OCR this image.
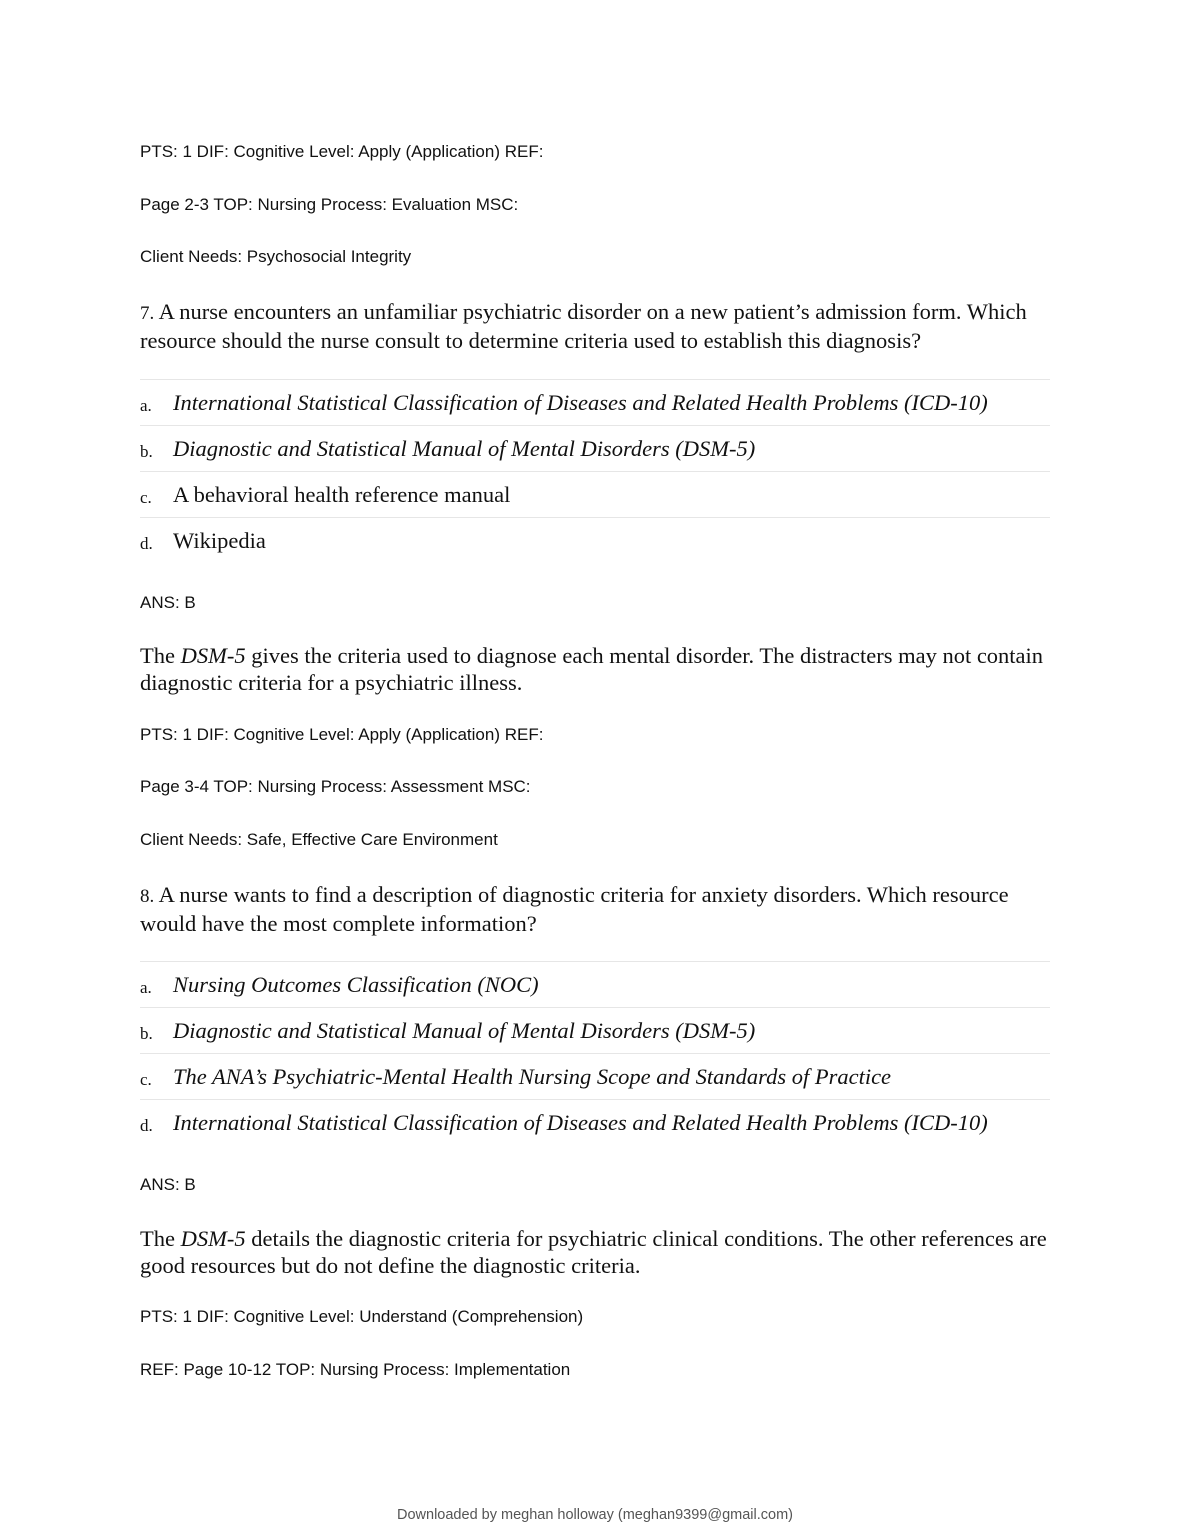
PTS: 1 DIF: Cognitive Level: Apply (Application) REF:

Page 2-3 TOP: Nursing Process: Evaluation MSC:

Client Needs: Psychosocial Integrity

7. A nurse encounters an unfamiliar psychiatric disorder on a new patient’s admission form. Which resource should the nurse consult to determine criteria used to establish this diagnosis?

a. International Statistical Classification of Diseases and Related Health Problems (ICD-10)
b. Diagnostic and Statistical Manual of Mental Disorders (DSM-5)
c. A behavioral health reference manual
d. Wikipedia

ANS: B

The DSM-5 gives the criteria used to diagnose each mental disorder. The distracters may not contain diagnostic criteria for a psychiatric illness.

PTS: 1 DIF: Cognitive Level: Apply (Application) REF:

Page 3-4 TOP: Nursing Process: Assessment MSC:

Client Needs: Safe, Effective Care Environment

8. A nurse wants to find a description of diagnostic criteria for anxiety disorders. Which resource would have the most complete information?

a. Nursing Outcomes Classification (NOC)
b. Diagnostic and Statistical Manual of Mental Disorders (DSM-5)
c. The ANA’s Psychiatric-Mental Health Nursing Scope and Standards of Practice
d. International Statistical Classification of Diseases and Related Health Problems (ICD-10)

ANS: B

The DSM-5 details the diagnostic criteria for psychiatric clinical conditions. The other references are good resources but do not define the diagnostic criteria.

PTS: 1 DIF: Cognitive Level: Understand (Comprehension)

REF: Page 10-12 TOP: Nursing Process: Implementation

Downloaded by meghan holloway (meghan9399@gmail.com)
